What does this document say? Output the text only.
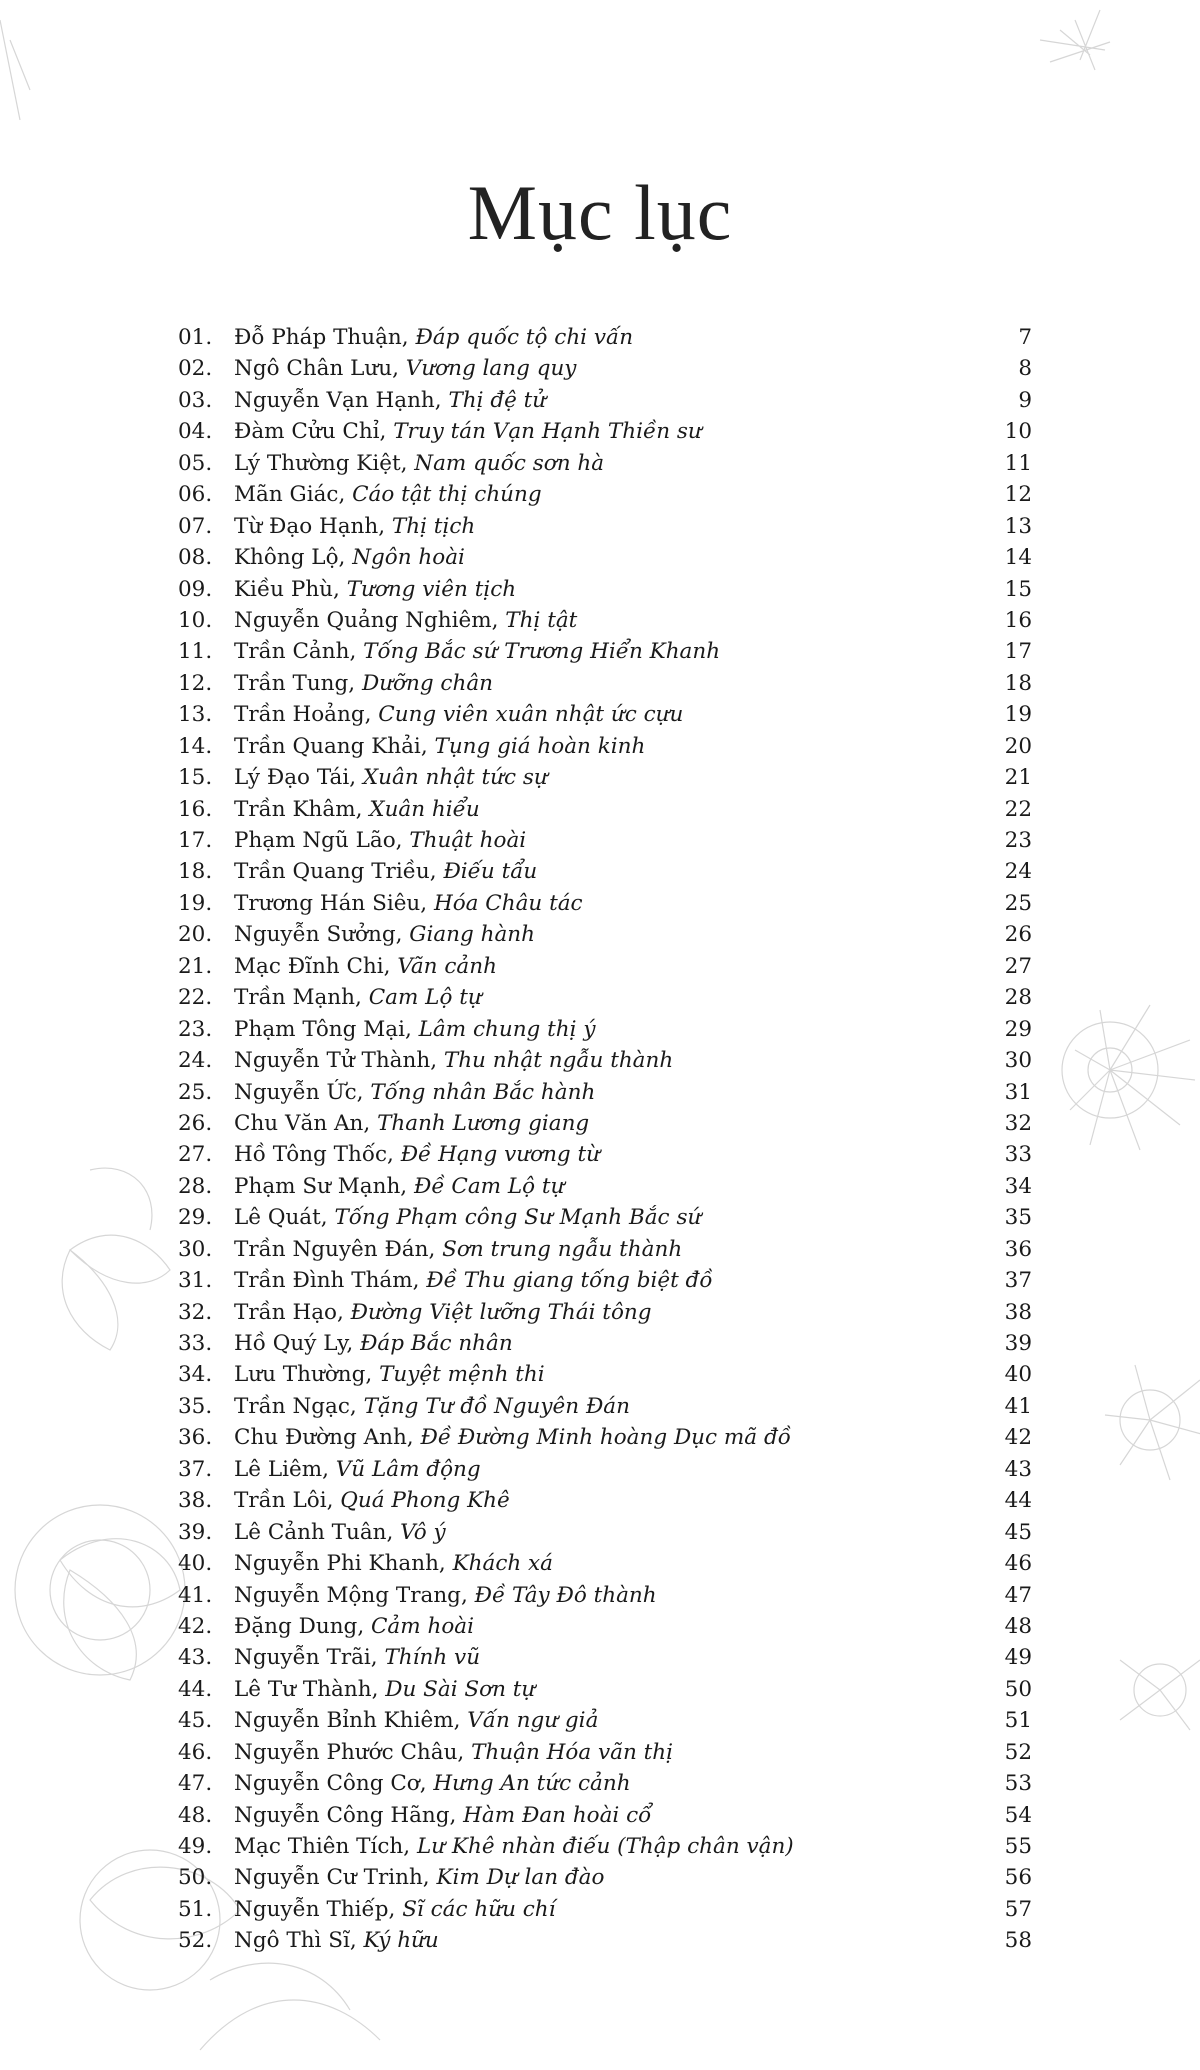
Mục lục
01. Đỗ Pháp Thuận, Đáp quốc tộ chi vấn	7
02. Ngô Chân Lưu, Vương lang quy	8
03. Nguyễn Vạn Hạnh, Thị đệ tử	9
04. Đàm Cửu Chỉ, Truy tán Vạn Hạnh Thiền sư	10
05. Lý Thường Kiệt, Nam quốc sơn hà	11
06. Mãn Giác, Cáo tật thị chúng	12
07. Từ Đạo Hạnh, Thị tịch	13
08. Không Lộ, Ngôn hoài	14
09. Kiều Phù, Tương viên tịch	15
10. Nguyễn Quảng Nghiêm, Thị tật	16
11. Trần Cảnh, Tống Bắc sứ Trương Hiển Khanh	17
12. Trần Tung, Dưỡng chân	18
13. Trần Hoảng, Cung viên xuân nhật ức cựu	19
14. Trần Quang Khải, Tụng giá hoàn kinh	20
15. Lý Đạo Tái, Xuân nhật tức sự	21
16. Trần Khâm, Xuân hiểu	22
17. Phạm Ngũ Lão, Thuật hoài	23
18. Trần Quang Triều, Điếu tẩu	24
19. Trương Hán Siêu, Hóa Châu tác	25
20. Nguyễn Sưởng, Giang hành	26
21. Mạc Đĩnh Chi, Vãn cảnh	27
22. Trần Mạnh, Cam Lộ tự	28
23. Phạm Tông Mại, Lâm chung thị ý	29
24. Nguyễn Tử Thành, Thu nhật ngẫu thành	30
25. Nguyễn Ức, Tống nhân Bắc hành	31
26. Chu Văn An, Thanh Lương giang	32
27. Hồ Tông Thốc, Đề Hạng vương từ	33
28. Phạm Sư Mạnh, Đề Cam Lộ tự	34
29. Lê Quát, Tống Phạm công Sư Mạnh Bắc sứ	35
30. Trần Nguyên Đán, Sơn trung ngẫu thành	36
31. Trần Đình Thám, Đề Thu giang tống biệt đồ	37
32. Trần Hạo, Đường Việt lưỡng Thái tông	38
33. Hồ Quý Ly, Đáp Bắc nhân	39
34. Lưu Thường, Tuyệt mệnh thi	40
35. Trần Ngạc, Tặng Tư đồ Nguyên Đán	41
36. Chu Đường Anh, Đề Đường Minh hoàng Dục mã đồ	42
37. Lê Liêm, Vũ Lâm động	43
38. Trần Lôi, Quá Phong Khê	44
39. Lê Cảnh Tuân, Vô ý	45
40. Nguyễn Phi Khanh, Khách xá	46
41. Nguyễn Mộng Trang, Đề Tây Đô thành	47
42. Đặng Dung, Cảm hoài	48
43. Nguyễn Trãi, Thính vũ	49
44. Lê Tư Thành, Du Sài Sơn tự	50
45. Nguyễn Bỉnh Khiêm, Vấn ngư giả	51
46. Nguyễn Phước Châu, Thuận Hóa vãn thị	52
47. Nguyễn Công Cơ, Hưng An tức cảnh	53
48. Nguyễn Công Hãng, Hàm Đan hoài cổ	54
49. Mạc Thiên Tích, Lư Khê nhàn điếu (Thập chân vận)	55
50. Nguyễn Cư Trinh, Kim Dự lan đào	56
51. Nguyễn Thiếp, Sĩ các hữu chí	57
52. Ngô Thì Sĩ, Ký hữu	58
